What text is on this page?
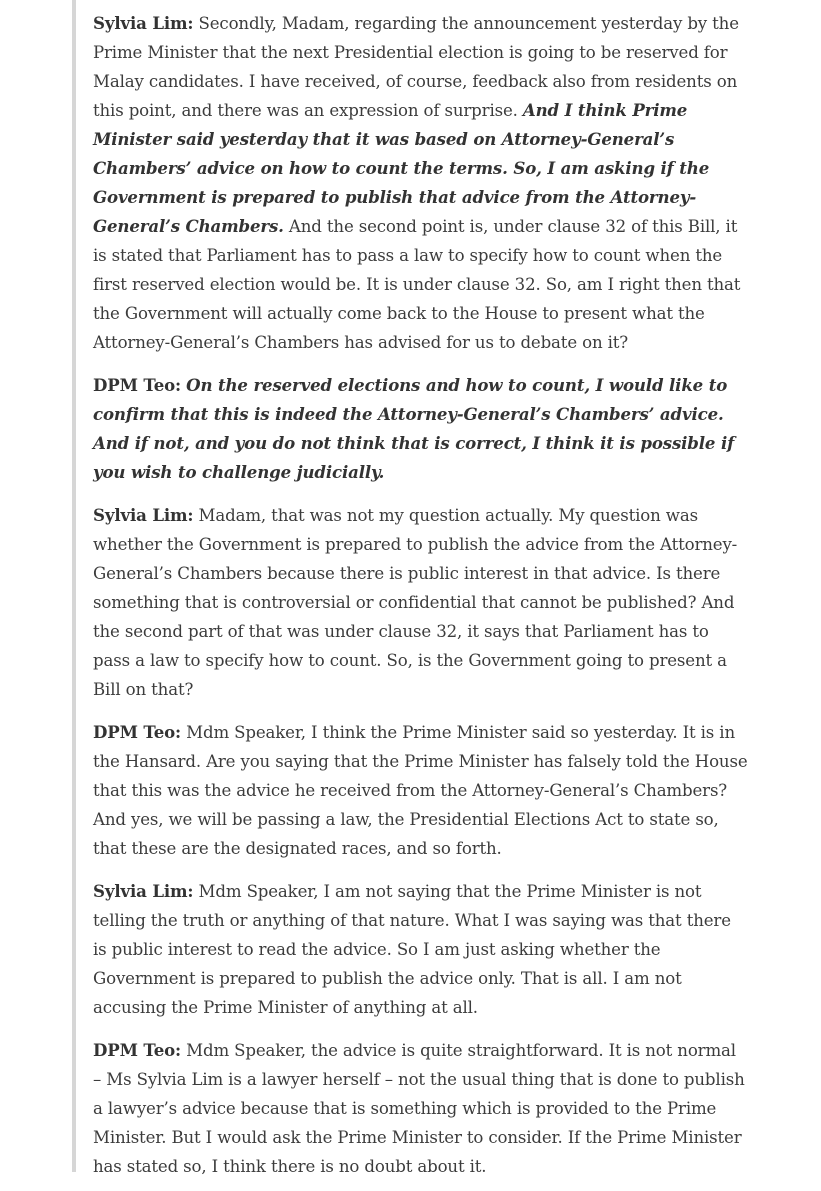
Sylvia Lim: Secondly, Madam, regarding the announcement yesterday by the Prime Minister that the next Presidential election is going to be reserved for Malay candidates. I have received, of course, feedback also from residents on this point, and there was an expression of surprise. And I think Prime Minister said yesterday that it was based on Attorney-General’s Chambers’ advice on how to count the terms. So, I am asking if the Government is prepared to publish that advice from the Attorney-General’s Chambers. And the second point is, under clause 32 of this Bill, it is stated that Parliament has to pass a law to specify how to count when the first reserved election would be. It is under clause 32. So, am I right then that the Government will actually come back to the House to present what the Attorney-General’s Chambers has advised for us to debate on it?

DPM Teo: On the reserved elections and how to count, I would like to confirm that this is indeed the Attorney-General’s Chambers’ advice. And if not, and you do not think that is correct, I think it is possible if you wish to challenge judicially.

Sylvia Lim: Madam, that was not my question actually. My question was whether the Government is prepared to publish the advice from the Attorney-General’s Chambers because there is public interest in that advice. Is there something that is controversial or confidential that cannot be published? And the second part of that was under clause 32, it says that Parliament has to pass a law to specify how to count. So, is the Government going to present a Bill on that?

DPM Teo: Mdm Speaker, I think the Prime Minister said so yesterday. It is in the Hansard. Are you saying that the Prime Minister has falsely told the House that this was the advice he received from the Attorney-General’s Chambers? And yes, we will be passing a law, the Presidential Elections Act to state so, that these are the designated races, and so forth.

Sylvia Lim: Mdm Speaker, I am not saying that the Prime Minister is not telling the truth or anything of that nature. What I was saying was that there is public interest to read the advice. So I am just asking whether the Government is prepared to publish the advice only. That is all. I am not accusing the Prime Minister of anything at all.

DPM Teo: Mdm Speaker, the advice is quite straightforward. It is not normal – Ms Sylvia Lim is a lawyer herself – not the usual thing that is done to publish a lawyer’s advice because that is something which is provided to the Prime Minister. But I would ask the Prime Minister to consider. If the Prime Minister has stated so, I think there is no doubt about it.
